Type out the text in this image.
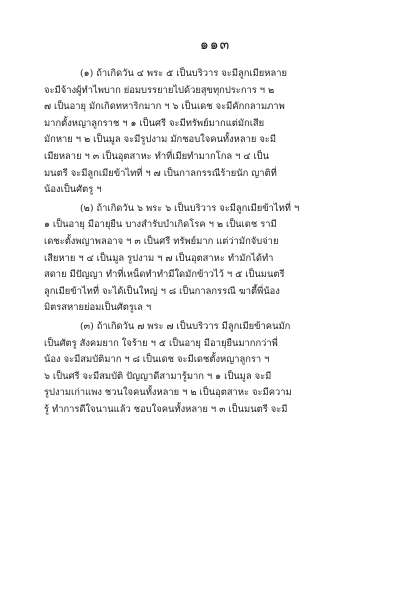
๑๑๓
(๑) ถ้าเกิดวัน ๔ พระ ๕ เป็นบริวาร จะมีลูกเมียหลาย
จะมีจ้างผู้ทำไพบาก ย่อมบรรยายไปด้วยสุขทุกประการ ฯ ๒
๗ เป็นอายุ มักเกิดทหาริกมาก ฯ ๖ เป็นเดช จะมีคักกลามภาพ
มากตั้งหญาลูกราช ฯ ๑ เป็นศรี จะมีทรัพย์มากแต่มักเสีย
มักหาย ฯ ๒ เป็นมูล จะมีรูปงาม มักชอบใจคนทั้งหลาย จะมี
เมียหลาย ฯ ๓ เป็นอุตสาหะ ทำที่เมียทำมากโกล ฯ ๔ เป็น
มนตรี จะมีลูกเมียข้าไทที่ ฯ ๗ เป็นกาลกรรณีร้ายนัก ญาติที่
น้องเป็นศัตรู ฯ
(๒) ถ้าเกิดวัน ๖ พระ ๖ เป็นบริวาร จะมีลูกเมียข้าไทที่ ฯ
๑ เป็นอายุ มีอายุยืน บางสำรับบำเกิดโรค ฯ ๒ เป็นเดช รามี
เดชะตั้งพญาพลอาจ ฯ ๓ เป็นศรี ทรัพย์มาก แต่ว่ามักจับจ่าย
เสียหาย ฯ ๔ เป็นมูล รูปงาม ฯ ๗ เป็นอุตสาหะ ทำมักได้ทำ
สดาย มีปัญญา ทำที่เหน็ดทำทำมีใดมักข้าวไว้ ฯ ๕ เป็นมนตรี
ลูกเมียข้าไทที่ จะได้เป็นใหญ่ ฯ ๘ เป็นกาลกรรณี ฆาตี้พี่น้อง
มิตรสหายย่อมเป็นศัตรูเล ฯ
(๓) ถ้าเกิดวัน ๗ พระ ๗ เป็นบริวาร มีลูกเมียข้าคนมัก
เป็นศัตรู สังคมยาก ใจร้าย ฯ ๕ เป็นอายุ มีอายุยืนมากกว่าพี่
น้อง จะมีสมบัติมาก ฯ ๘ เป็นเดช จะมีเดชตั้งหญาลูกรา ฯ
๖ เป็นศรี จะมีสมบัติ ปัญญาดีสามารู้มาก ฯ ๑ เป็นมูล จะมี
รูปงามเก่าแพง ชวนใจคนทั้งหลาย ฯ ๒ เป็นอุตสาหะ จะมีความ
รู้ ทำการดีใจนานแล้ว ชอบใจคนทั้งหลาย ฯ ๓ เป็นมนตรี จะมี
